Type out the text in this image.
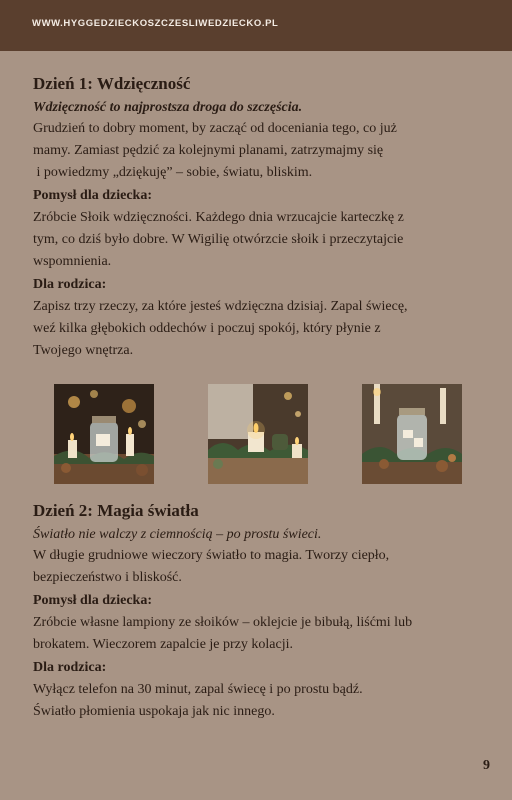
WWW.HYGGEDZIECKOSZCZESLIWEDZIECKO.PL
Dzień 1: Wdzięczność

Wdzięczność to najprostsza droga do szczęścia.

Grudzień to dobry moment, by zacząć od doceniania tego, co już

mamy. Zamiast pędzić za kolejnymi planami, zatrzymajmy się

i powiedzmy „dziękuję” – sobie, światu, bliskim.

Pomysł dla dziecka:

Zróbcie Słoik wdzięczności. Każdego dnia wrzucajcie karteczkę z

tym, co dziś było dobre. W Wigilię otwórzcie słoik i przeczytajcie

wspomnienia.

Dla rodzica:

Zapisz trzy rzeczy, za które jesteś wdzięczna dzisiaj. Zapal świecę,

weź kilka głębokich oddechów i poczuj spokój, który płynie z

Twojego wnętrza.

Dzień 2: Magia światła

Światło nie walczy z ciemnością – po prostu świeci.

W długie grudniowe wieczory światło to magia. Tworzy ciepło,

bezpieczeństwo i bliskość.

Pomysł dla dziecka:

Zróbcie własne lampiony ze słoików – oklejcie je bibułą, liśćmi lub

brokatem. Wieczorem zapalcie je przy kolacji.

Dla rodzica:

Wyłącz telefon na 30 minut, zapal świecę i po prostu bądź.

Światło płomienia uspokaja jak nic innego.

9
